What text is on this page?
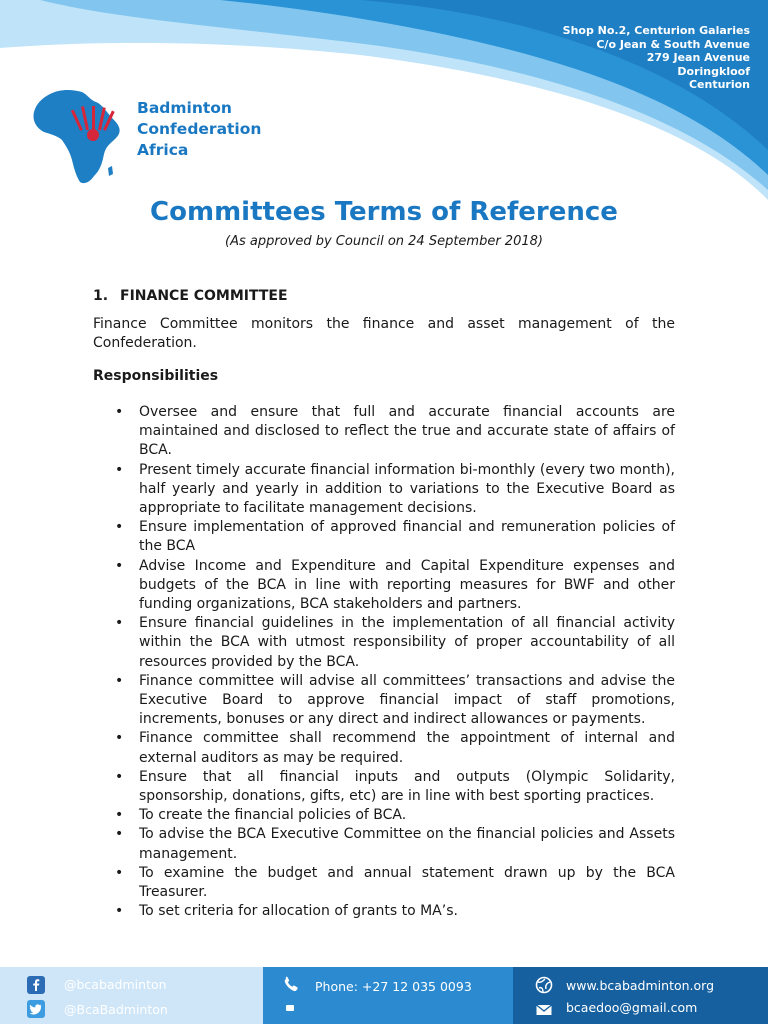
Shop No.2, Centurion Galaries
C/o Jean & South Avenue
279 Jean Avenue
Doringkloof
Centurion
Badminton
Confederation
Africa
Committees Terms of Reference
(As approved by Council on 24 September 2018)
1. FINANCE COMMITTEE
Finance Committee monitors the finance and asset management of the Confederation.
Responsibilities
• Oversee and ensure that full and accurate financial accounts are maintained and disclosed to reflect the true and accurate state of affairs of BCA.
• Present timely accurate financial information bi-monthly (every two month), half yearly and yearly in addition to variations to the Executive Board as appropriate to facilitate management decisions.
• Ensure implementation of approved financial and remuneration policies of the BCA
• Advise Income and Expenditure and Capital Expenditure expenses and budgets of the BCA in line with reporting measures for BWF and other funding organizations, BCA stakeholders and partners.
• Ensure financial guidelines in the implementation of all financial activity within the BCA with utmost responsibility of proper accountability of all resources provided by the BCA.
• Finance committee will advise all committees’ transactions and advise the Executive Board to approve financial impact of staff promotions, increments, bonuses or any direct and indirect allowances or payments.
• Finance committee shall recommend the appointment of internal and external auditors as may be required.
• Ensure that all financial inputs and outputs (Olympic Solidarity, sponsorship, donations, gifts, etc) are in line with best sporting practices.
• To create the financial policies of BCA.
• To advise the BCA Executive Committee on the financial policies and Assets management.
• To examine the budget and annual statement drawn up by the BCA Treasurer.
• To set criteria for allocation of grants to MA’s.
@bcabadminton
@BcaBadminton
Phone: +27 12 035 0093	www.bcabadminton.org
bcaedoo@gmail.com
